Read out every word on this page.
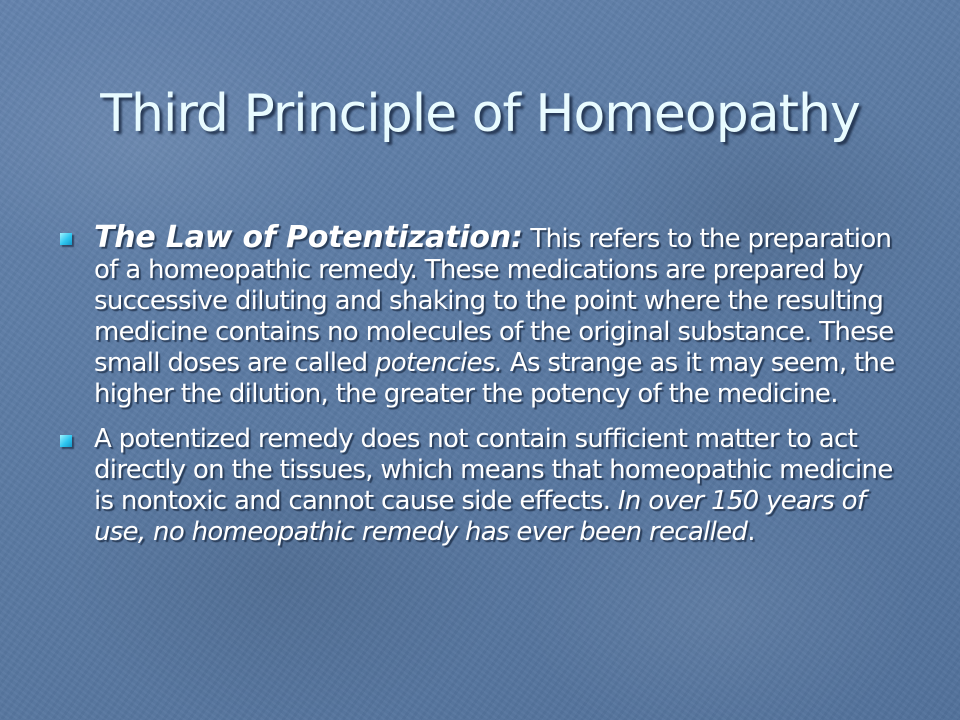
Third Principle of Homeopathy
The Law of Potentization: This refers to the preparation of a homeopathic remedy. These medications are prepared by successive diluting and shaking to the point where the resulting medicine contains no molecules of the original substance. These small doses are called potencies. As strange as it may seem, the higher the dilution, the greater the potency of the medicine.
A potentized remedy does not contain sufficient matter to act directly on the tissues, which means that homeopathic medicine is nontoxic and cannot cause side effects. In over 150 years of use, no homeopathic remedy has ever been recalled.
